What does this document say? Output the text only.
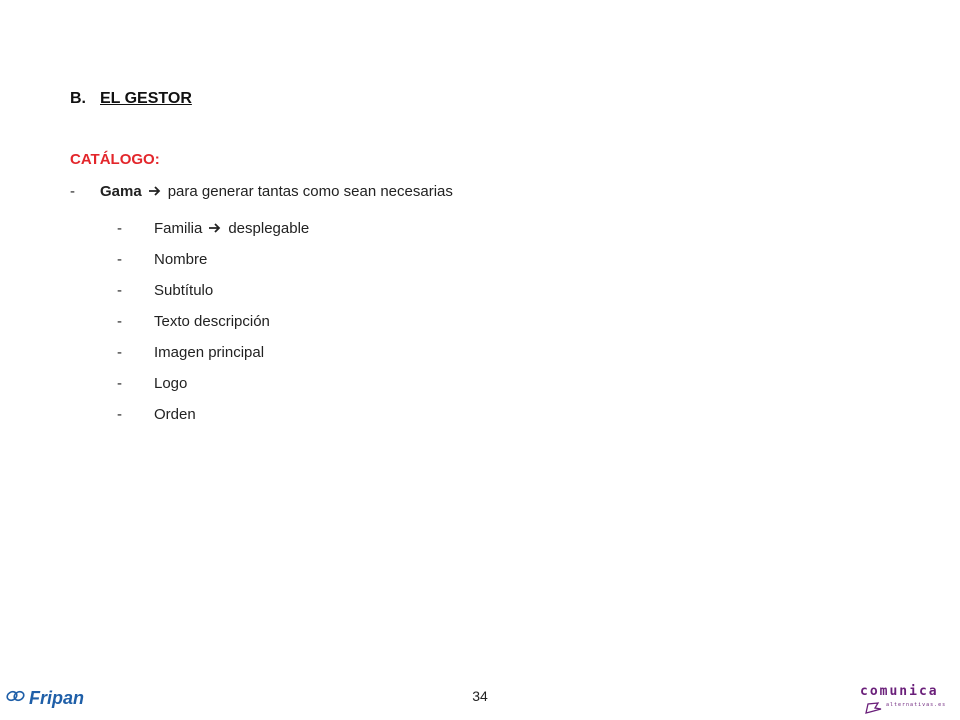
B. EL GESTOR
CATÁLOGO:
-	Gama para generar tantas como sean necesarias
-	Familia desplegable
-	Nombre
-	Subtítulo
-	Texto descripción
-	Imagen principal
-	Logo
-	Orden
Fripan	34	comunica
alternativas.es
